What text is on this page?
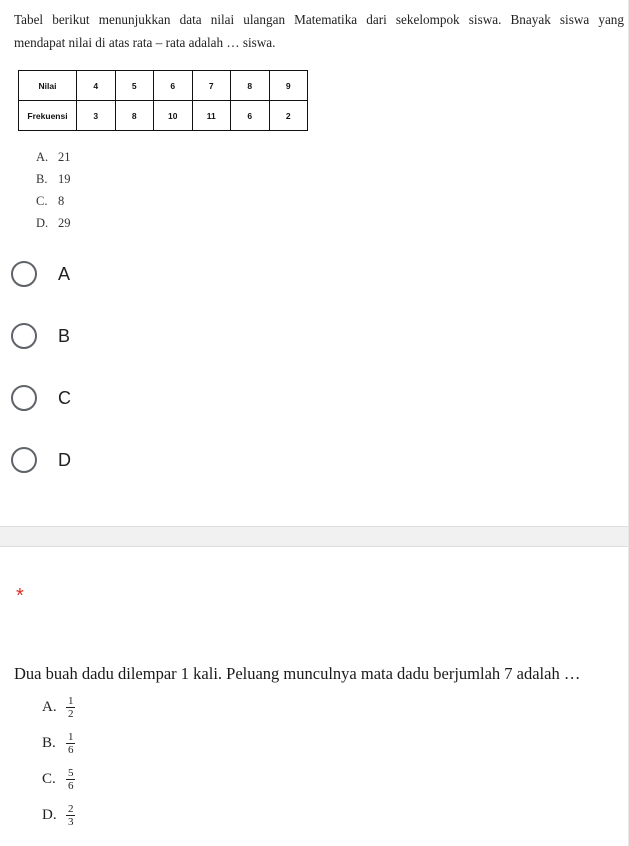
Tabel berikut menunjukkan data nilai ulangan Matematika dari sekelompok siswa. Bnayak siswa yang
mendapat nilai di atas rata – rata adalah … siswa.
Nilai	4	5	6	7	8	9
Frekuensi	3	8	10	11	6	2
A. 21
B. 19
C. 8
D. 29
A
B
C
D
*
Dua buah dadu dilempar 1 kali. Peluang munculnya mata dadu berjumlah 7 adalah …
A. $\frac{1}{2}$
B. $\frac{1}{6}$
C. $\frac{5}{6}$
D. $\frac{2}{3}$
